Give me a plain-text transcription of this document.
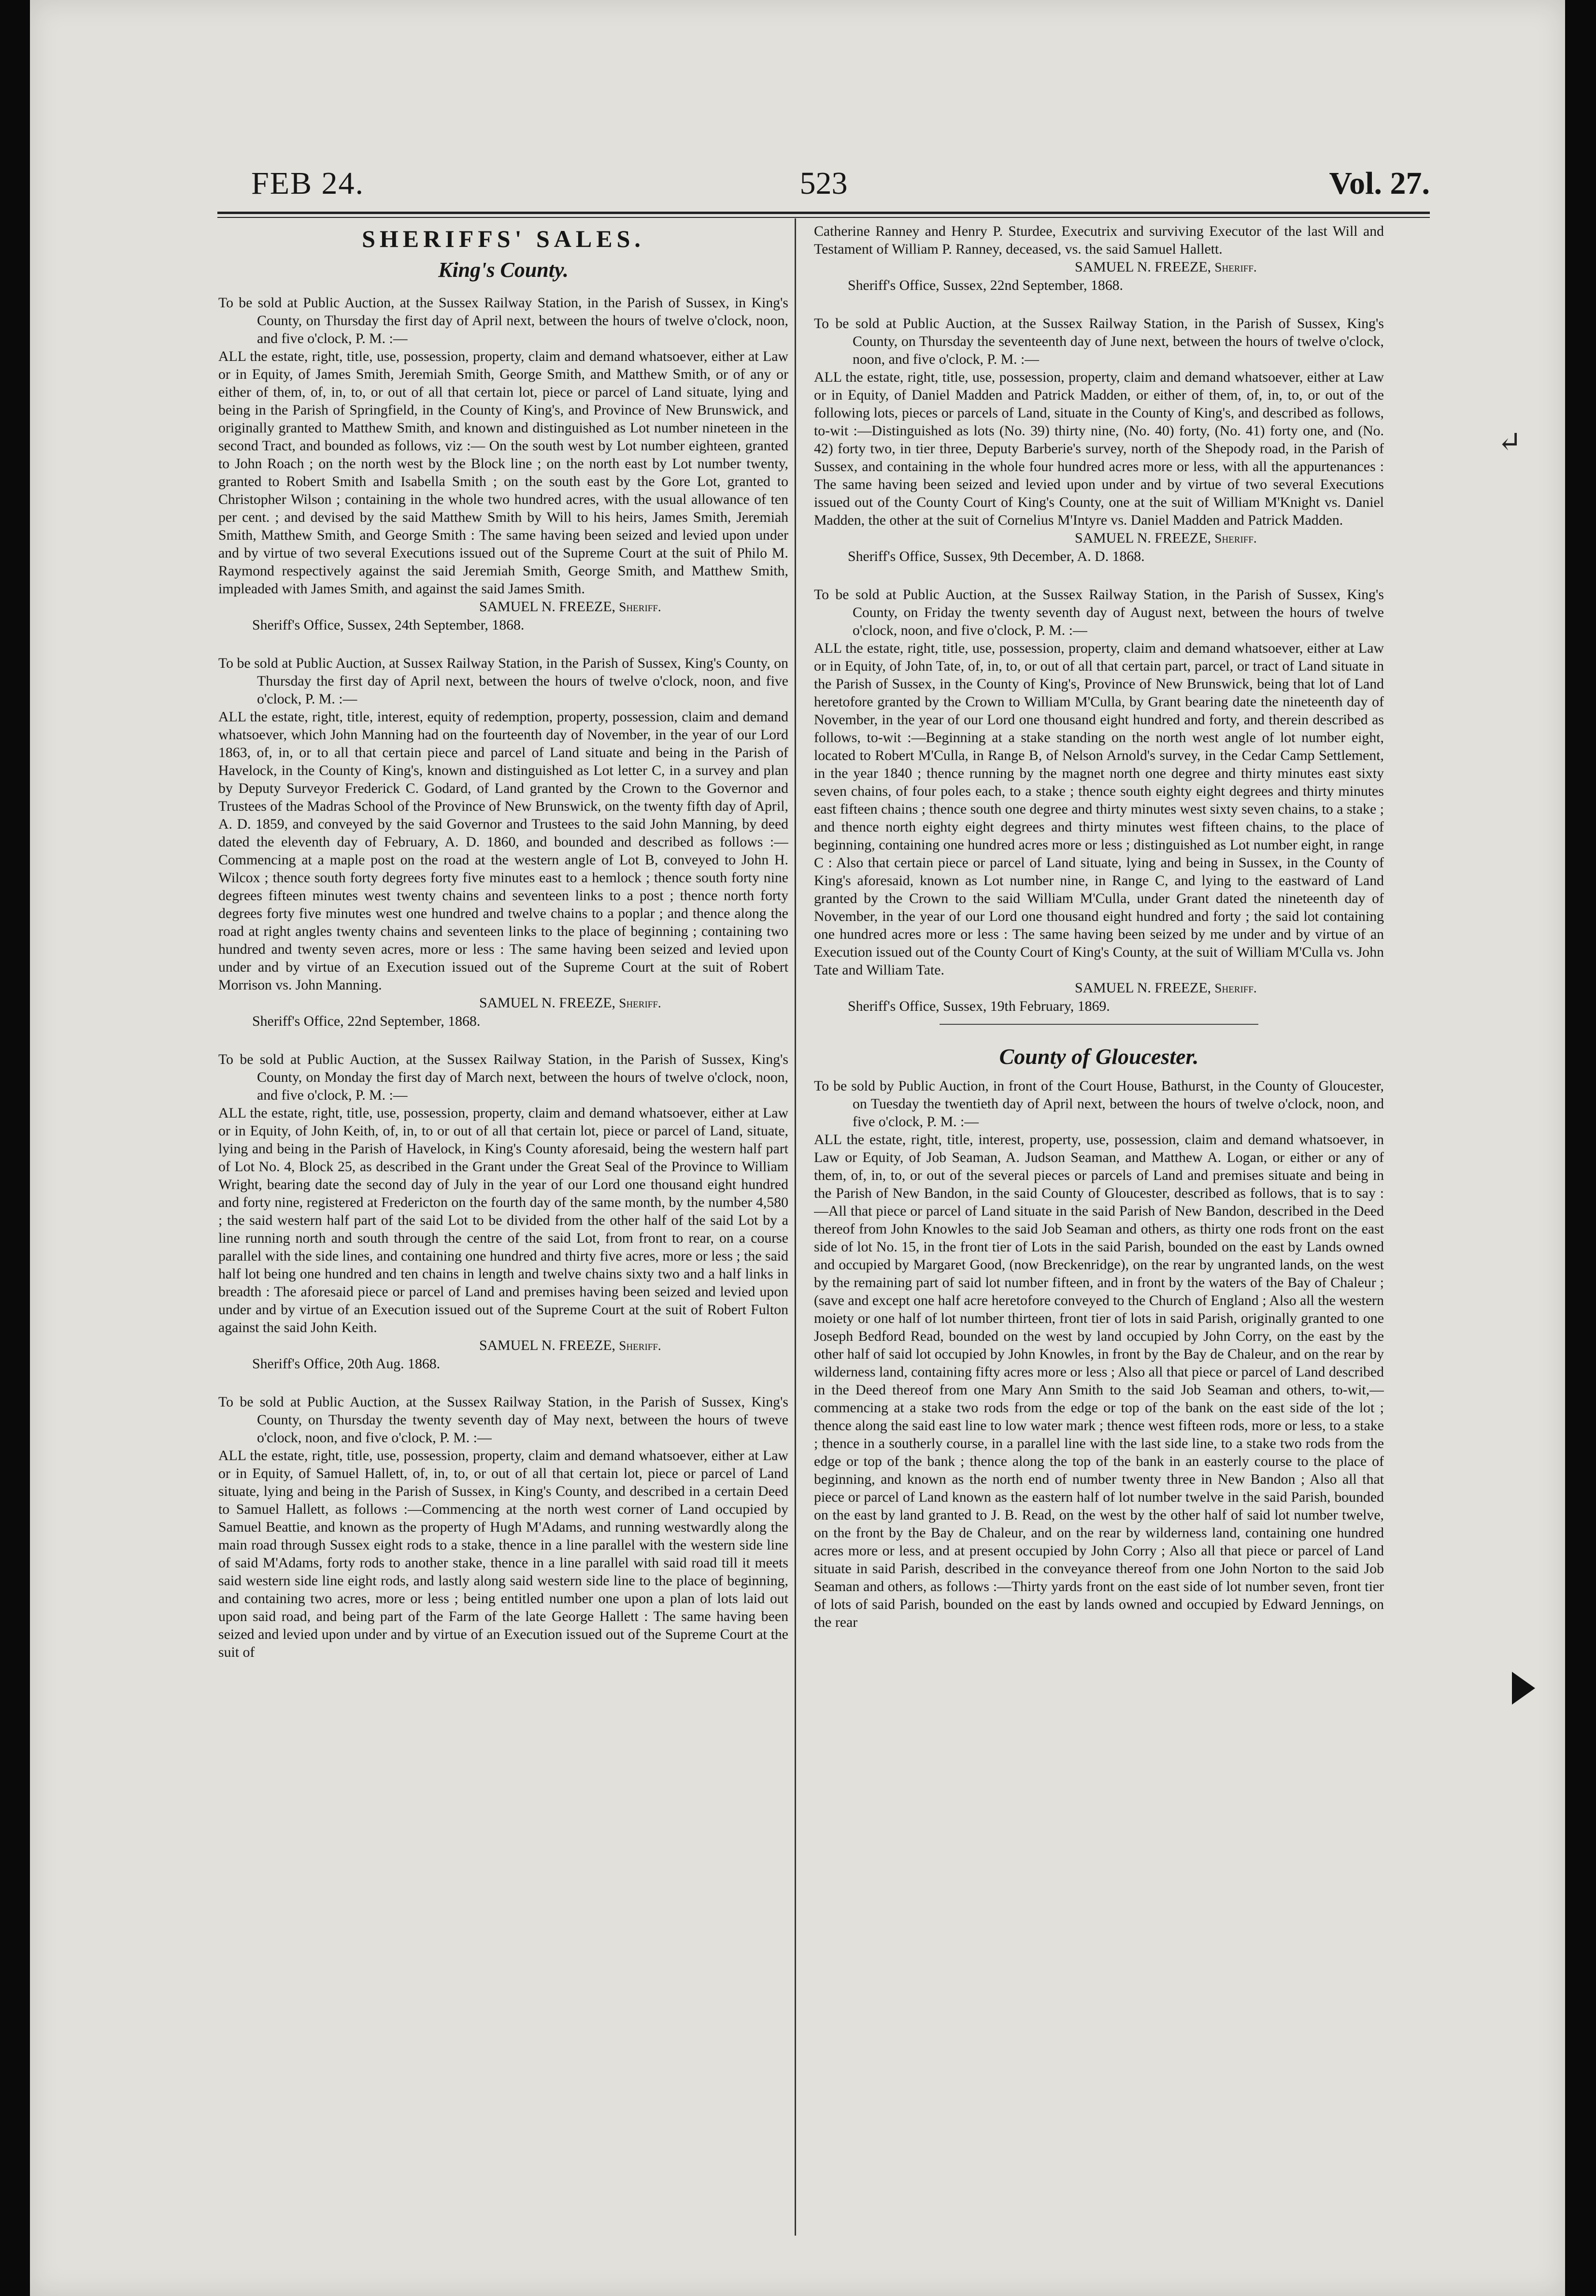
FEB 24.	523	Vol. 27.
SHERIFFS' SALES.
King's County.

To be sold at Public Auction, at the Sussex Railway Station, in the Parish of Sussex, in King's County, on Thursday the first day of April next, between the hours of twelve o'clock, noon, and five o'clock, P. M. :—

ALL the estate, right, title, use, possession, property, claim and demand whatsoever, either at Law or in Equity, of James Smith, Jeremiah Smith, George Smith, and Matthew Smith, or of any or either of them, of, in, to, or out of all that certain lot, piece or parcel of Land situate, lying and being in the Parish of Springfield, in the County of King's, and Province of New Brunswick, and originally granted to Matthew Smith, and known and distinguished as Lot number nineteen in the second Tract, and bounded as follows, viz :— On the south west by Lot number eighteen, granted to John Roach ; on the north west by the Block line ; on the north east by Lot number twenty, granted to Robert Smith and Isabella Smith ; on the south east by the Gore Lot, granted to Christopher Wilson ; containing in the whole two hundred acres, with the usual allowance of ten per cent. ; and devised by the said Matthew Smith by Will to his heirs, James Smith, Jeremiah Smith, Matthew Smith, and George Smith : The same having been seized and levied upon under and by virtue of two several Executions issued out of the Supreme Court at the suit of Philo M. Raymond respectively against the said Jeremiah Smith, George Smith, and Matthew Smith, impleaded with James Smith, and against the said James Smith.

SAMUEL N. FREEZE, Sheriff.

Sheriff's Office, Sussex, 24th September, 1868.

To be sold at Public Auction, at Sussex Railway Station, in the Parish of Sussex, King's County, on Thursday the first day of April next, between the hours of twelve o'clock, noon, and five o'clock, P. M. :—

ALL the estate, right, title, interest, equity of redemption, property, possession, claim and demand whatsoever, which John Manning had on the fourteenth day of November, in the year of our Lord 1863, of, in, or to all that certain piece and parcel of Land situate and being in the Parish of Havelock, in the County of King's, known and distinguished as Lot letter C, in a survey and plan by Deputy Surveyor Frederick C. Godard, of Land granted by the Crown to the Governor and Trustees of the Madras School of the Province of New Brunswick, on the twenty fifth day of April, A. D. 1859, and conveyed by the said Governor and Trustees to the said John Manning, by deed dated the eleventh day of February, A. D. 1860, and bounded and described as follows :—Commencing at a maple post on the road at the western angle of Lot B, conveyed to John H. Wilcox ; thence south forty degrees forty five minutes east to a hemlock ; thence south forty nine degrees fifteen minutes west twenty chains and seventeen links to a post ; thence north forty degrees forty five minutes west one hundred and twelve chains to a poplar ; and thence along the road at right angles twenty chains and seventeen links to the place of beginning ; containing two hundred and twenty seven acres, more or less : The same having been seized and levied upon under and by virtue of an Execution issued out of the Supreme Court at the suit of Robert Morrison vs. John Manning.

SAMUEL N. FREEZE, Sheriff.

Sheriff's Office, 22nd September, 1868.

To be sold at Public Auction, at the Sussex Railway Station, in the Parish of Sussex, King's County, on Monday the first day of March next, between the hours of twelve o'clock, noon, and five o'clock, P. M. :—

ALL the estate, right, title, use, possession, property, claim and demand whatsoever, either at Law or in Equity, of John Keith, of, in, to or out of all that certain lot, piece or parcel of Land, situate, lying and being in the Parish of Havelock, in King's County aforesaid, being the western half part of Lot No. 4, Block 25, as described in the Grant under the Great Seal of the Province to William Wright, bearing date the second day of July in the year of our Lord one thousand eight hundred and forty nine, registered at Fredericton on the fourth day of the same month, by the number 4,580 ; the said western half part of the said Lot to be divided from the other half of the said Lot by a line running north and south through the centre of the said Lot, from front to rear, on a course parallel with the side lines, and containing one hundred and thirty five acres, more or less ; the said half lot being one hundred and ten chains in length and twelve chains sixty two and a half links in breadth : The aforesaid piece or parcel of Land and premises having been seized and levied upon under and by virtue of an Execution issued out of the Supreme Court at the suit of Robert Fulton against the said John Keith.

SAMUEL N. FREEZE, Sheriff.

Sheriff's Office, 20th Aug. 1868.

To be sold at Public Auction, at the Sussex Railway Station, in the Parish of Sussex, King's County, on Thursday the twenty seventh day of May next, between the hours of tweve o'clock, noon, and five o'clock, P. M. :—

ALL the estate, right, title, use, possession, property, claim and demand whatsoever, either at Law or in Equity, of Samuel Hallett, of, in, to, or out of all that certain lot, piece or parcel of Land situate, lying and being in the Parish of Sussex, in King's County, and described in a certain Deed to Samuel Hallett, as follows :—Commencing at the north west corner of Land occupied by Samuel Beattie, and known as the property of Hugh M'Adams, and running westwardly along the main road through Sussex eight rods to a stake, thence in a line parallel with the western side line of said M'Adams, forty rods to another stake, thence in a line parallel with said road till it meets said western side line eight rods, and lastly along said western side line to the place of beginning, and containing two acres, more or less ; being entitled number one upon a plan of lots laid out upon said road, and being part of the Farm of the late George Hallett : The same having been seized and levied upon under and by virtue of an Execution issued out of the Supreme Court at the suit of

Catherine Ranney and Henry P. Sturdee, Executrix and surviving Executor of the last Will and Testament of William P. Ranney, deceased, vs. the said Samuel Hallett.

SAMUEL N. FREEZE, Sheriff.

Sheriff's Office, Sussex, 22nd September, 1868.

To be sold at Public Auction, at the Sussex Railway Station, in the Parish of Sussex, King's County, on Thursday the seventeenth day of June next, between the hours of twelve o'clock, noon, and five o'clock, P. M. :—

ALL the estate, right, title, use, possession, property, claim and demand whatsoever, either at Law or in Equity, of Daniel Madden and Patrick Madden, or either of them, of, in, to, or out of the following lots, pieces or parcels of Land, situate in the County of King's, and described as follows, to-wit :—Distinguished as lots (No. 39) thirty nine, (No. 40) forty, (No. 41) forty one, and (No. 42) forty two, in tier three, Deputy Barberie's survey, north of the Shepody road, in the Parish of Sussex, and containing in the whole four hundred acres more or less, with all the appurtenances : The same having been seized and levied upon under and by virtue of two several Executions issued out of the County Court of King's County, one at the suit of William M'Knight vs. Daniel Madden, the other at the suit of Cornelius M'Intyre vs. Daniel Madden and Patrick Madden.

SAMUEL N. FREEZE, Sheriff.

Sheriff's Office, Sussex, 9th December, A. D. 1868.

To be sold at Public Auction, at the Sussex Railway Station, in the Parish of Sussex, King's County, on Friday the twenty seventh day of August next, between the hours of twelve o'clock, noon, and five o'clock, P. M. :—

ALL the estate, right, title, use, possession, property, claim and demand whatsoever, either at Law or in Equity, of John Tate, of, in, to, or out of all that certain part, parcel, or tract of Land situate in the Parish of Sussex, in the County of King's, Province of New Brunswick, being that lot of Land heretofore granted by the Crown to William M'Culla, by Grant bearing date the nineteenth day of November, in the year of our Lord one thousand eight hundred and forty, and therein described as follows, to-wit :—Beginning at a stake standing on the north west angle of lot number eight, located to Robert M'Culla, in Range B, of Nelson Arnold's survey, in the Cedar Camp Settlement, in the year 1840 ; thence running by the magnet north one degree and thirty minutes east sixty seven chains, of four poles each, to a stake ; thence south eighty eight degrees and thirty minutes east fifteen chains ; thence south one degree and thirty minutes west sixty seven chains, to a stake ; and thence north eighty eight degrees and thirty minutes west fifteen chains, to the place of beginning, containing one hundred acres more or less ; distinguished as Lot number eight, in range C : Also that certain piece or parcel of Land situate, lying and being in Sussex, in the County of King's aforesaid, known as Lot number nine, in Range C, and lying to the eastward of Land granted by the Crown to the said William M'Culla, under Grant dated the nineteenth day of November, in the year of our Lord one thousand eight hundred and forty ; the said lot containing one hundred acres more or less : The same having been seized by me under and by virtue of an Execution issued out of the County Court of King's County, at the suit of William M'Culla vs. John Tate and William Tate.

SAMUEL N. FREEZE, Sheriff.

Sheriff's Office, Sussex, 19th February, 1869.

County of Gloucester.

To be sold by Public Auction, in front of the Court House, Bathurst, in the County of Gloucester, on Tuesday the twentieth day of April next, between the hours of twelve o'clock, noon, and five o'clock, P. M. :—

ALL the estate, right, title, interest, property, use, possession, claim and demand whatsoever, in Law or Equity, of Job Seaman, A. Judson Seaman, and Matthew A. Logan, or either or any of them, of, in, to, or out of the several pieces or parcels of Land and premises situate and being in the Parish of New Bandon, in the said County of Gloucester, described as follows, that is to say :—All that piece or parcel of Land situate in the said Parish of New Bandon, described in the Deed thereof from John Knowles to the said Job Seaman and others, as thirty one rods front on the east side of lot No. 15, in the front tier of Lots in the said Parish, bounded on the east by Lands owned and occupied by Margaret Good, (now Breckenridge), on the rear by ungranted lands, on the west by the remaining part of said lot number fifteen, and in front by the waters of the Bay of Chaleur ; (save and except one half acre heretofore conveyed to the Church of England ; Also all the western moiety or one half of lot number thirteen, front tier of lots in said Parish, originally granted to one Joseph Bedford Read, bounded on the west by land occupied by John Corry, on the east by the other half of said lot occupied by John Knowles, in front by the Bay de Chaleur, and on the rear by wilderness land, containing fifty acres more or less ; Also all that piece or parcel of Land described in the Deed thereof from one Mary Ann Smith to the said Job Seaman and others, to-wit,—commencing at a stake two rods from the edge or top of the bank on the east side of the lot ; thence along the said east line to low water mark ; thence west fifteen rods, more or less, to a stake ; thence in a southerly course, in a parallel line with the last side line, to a stake two rods from the edge or top of the bank ; thence along the top of the bank in an easterly course to the place of beginning, and known as the north end of number twenty three in New Bandon ; Also all that piece or parcel of Land known as the eastern half of lot number twelve in the said Parish, bounded on the east by land granted to J. B. Read, on the west by the other half of said lot number twelve, on the front by the Bay de Chaleur, and on the rear by wilderness land, containing one hundred acres more or less, and at present occupied by John Corry ; Also all that piece or parcel of Land situate in said Parish, described in the conveyance thereof from one John Norton to the said Job Seaman and others, as follows :—Thirty yards front on the east side of lot number seven, front tier of lots of said Parish, bounded on the east by lands owned and occupied by Edward Jennings, on the rear

↵
